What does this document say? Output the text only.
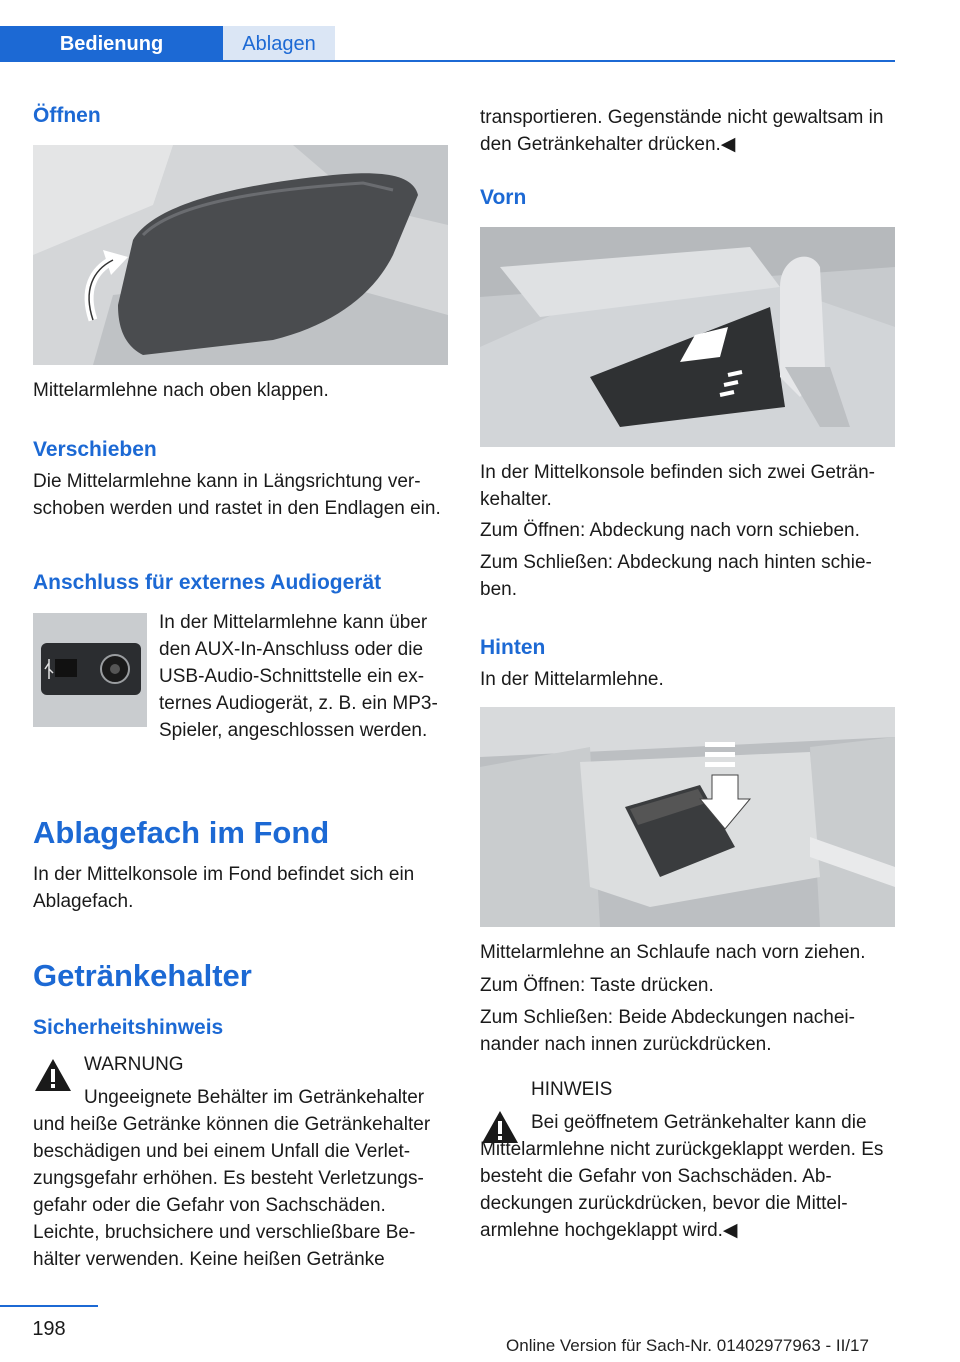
Bedienung	Ablagen
Öffnen

Mittelarmlehne nach oben klappen.

Verschieben

Die Mittelarmlehne kann in Längsrichtung ver-schoben werden und rastet in den Endlagen ein.

Anschluss für externes Audiogerät

In der Mittelarmlehne kann über den AUX-In-Anschluss oder die USB-Audio-Schnittstelle ein ex-ternes Audiogerät, z. B. ein MP3-Spieler, angeschlossen werden.

Ablagefach im Fond

In der Mittelkonsole im Fond befindet sich ein Ablagefach.

Getränkehalter
Sicherheitshinweis
WARNUNG

Ungeeignete Behälter im Getränkehalter und heiße Getränke können die Getränkehalter beschädigen und bei einem Unfall die Verlet-zungsgefahr erhöhen. Es besteht Verletzungs-gefahr oder die Gefahr von Sachschäden. Leichte, bruchsichere und verschließbare Be-hälter verwenden. Keine heißen Getränke

transportieren. Gegenstände nicht gewaltsam in den Getränkehalter drücken.◀

Vorn

In der Mittelkonsole befinden sich zwei Geträn-kehalter.

Zum Öffnen: Abdeckung nach vorn schieben.

Zum Schließen: Abdeckung nach hinten schie-ben.

Hinten

In der Mittelarmlehne.

Mittelarmlehne an Schlaufe nach vorn ziehen.

Zum Öffnen: Taste drücken.

Zum Schließen: Beide Abdeckungen nachei-nander nach innen zurückdrücken.

HINWEIS

Bei geöffnetem Getränkehalter kann die Mittelarmlehne nicht zurückgeklappt werden. Es besteht die Gefahr von Sachschäden. Ab-deckungen zurückdrücken, bevor die Mittel-armlehne hochgeklappt wird.◀

198
Online Version für Sach-Nr. 01402977963 - II/17
